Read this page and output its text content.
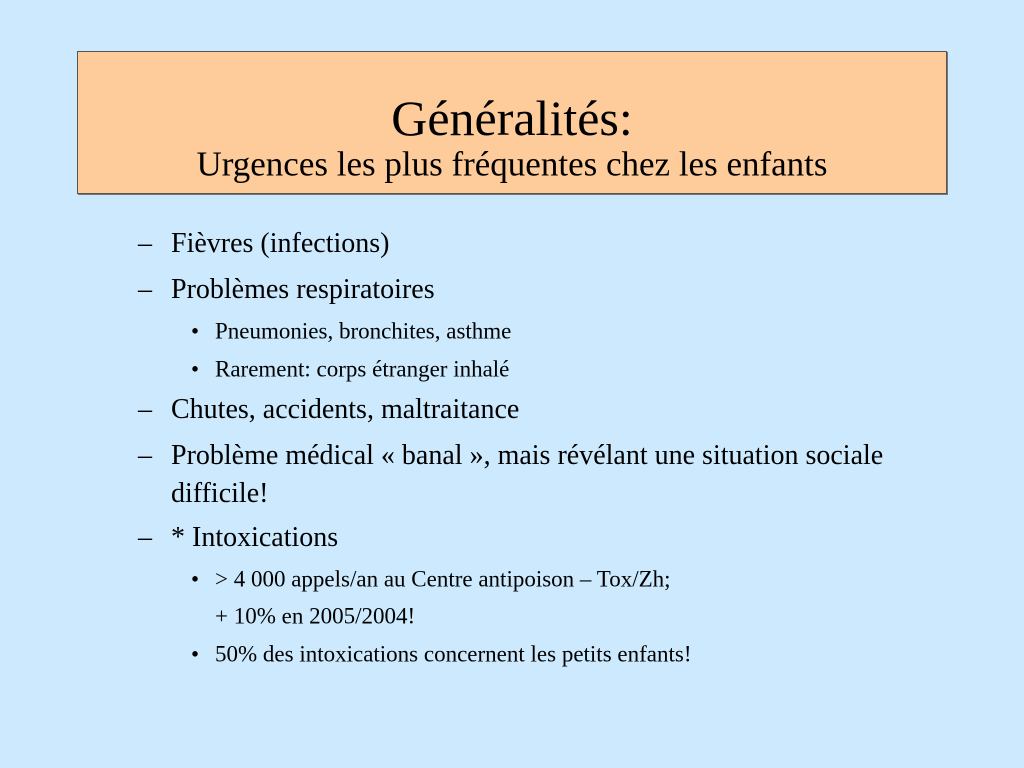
Généralités:
Urgences les plus fréquentes chez les enfants
– Fièvres (infections)
– Problèmes respiratoires
• Pneumonies, bronchites, asthme
• Rarement: corps étranger inhalé
– Chutes, accidents, maltraitance
– Problème médical « banal », mais révélant une situation sociale difficile!
– * Intoxications
• > 4 000 appels/an au Centre antipoison – Tox/Zh;
+ 10% en 2005/2004!
• 50% des intoxications concernent les petits enfants!
